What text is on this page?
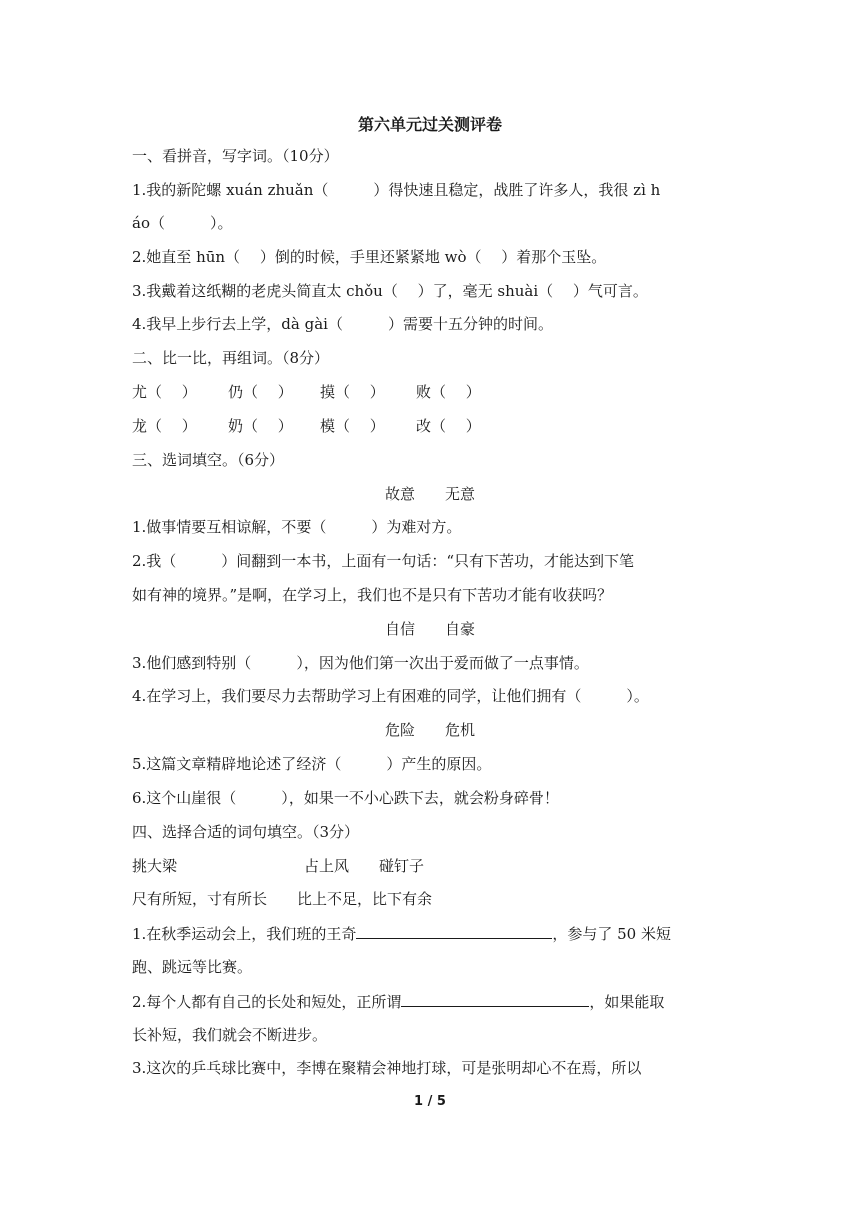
第六单元过关测评卷
一、看拼音，写字词。（10分）
1.我的新陀螺 xuán zhuǎn（　　　）得快速且稳定，战胜了许多人，我很 zì h
áo（　　　）。
2.她直至 hūn（　 ）倒的时候，手里还紧紧地 wò（　 ）着那个玉坠。
3.我戴着这纸糊的老虎头简直太 chǒu（　 ）了，毫无 shuài（　 ）气可言。
4.我早上步行去上学，dà gài（　　　）需要十五分钟的时间。
二、比一比，再组词。（8分）
尤（　 ） 仍（　 ） 摸（　 ） 败（　 ）
龙（　 ） 奶（　 ） 模（　 ） 改（　 ）
三、选词填空。（6分）
故意　　无意
1.做事情要互相谅解，不要（　　　）为难对方。
2.我（　　　）间翻到一本书，上面有一句话：“只有下苦功，才能达到下笔
如有神的境界。”是啊，在学习上，我们也不是只有下苦功才能有收获吗？
自信　　自豪
3.他们感到特别（　　　），因为他们第一次出于爱而做了一点事情。
4.在学习上，我们要尽力去帮助学习上有困难的同学，让他们拥有（　　　）。
危险　　危机
5.这篇文章精辟地论述了经济（　　　）产生的原因。
6.这个山崖很（　　　），如果一不小心跌下去，就会粉身碎骨！
四、选择合适的词句填空。（3分）
挑大梁	占上风　　碰钉子
尺有所短，寸有所长　　比上不足，比下有余
1.在秋季运动会上，我们班的王奇	，参与了 50 米短
跑、跳远等比赛。
2.每个人都有自己的长处和短处，正所谓	，如果能取
长补短，我们就会不断进步。
3.这次的乒乓球比赛中，李博在聚精会神地打球，可是张明却心不在焉，所以
1 / 5
